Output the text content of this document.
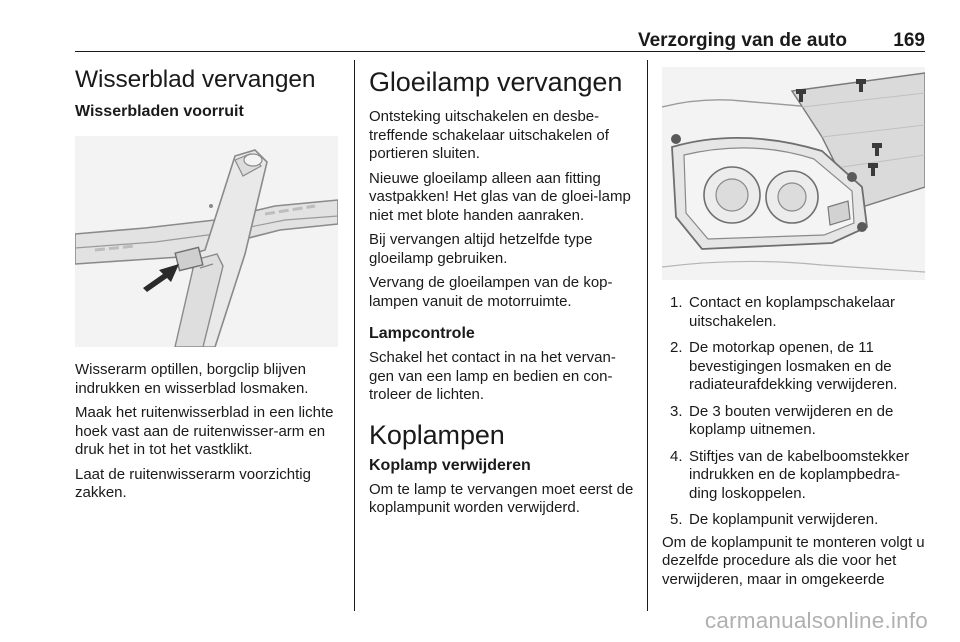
Verzorging van de auto 169
Wisserblad vervangen
Wisserbladen voorruit

Wisserarm optillen, borgclip blijven indrukken en wisserblad losmaken.

Maak het ruitenwisserblad in een lichte hoek vast aan de ruitenwisser-arm en druk het in tot het vastklikt.

Laat de ruitenwisserarm voorzichtig zakken.

Gloeilamp vervangen

Ontsteking uitschakelen en desbe-treffende schakelaar uitschakelen of portieren sluiten.

Nieuwe gloeilamp alleen aan fitting vastpakken! Het glas van de gloei-lamp niet met blote handen aanraken.

Bij vervangen altijd hetzelfde type gloeilamp gebruiken.

Vervang de gloeilampen van de kop-lampen vanuit de motorruimte.

Lampcontrole

Schakel het contact in na het vervan-gen van een lamp en bedien en con-troleer de lichten.

Koplampen
Koplamp verwijderen

Om te lamp te vervangen moet eerst de koplampunit worden verwijderd.

1. Contact en koplampschakelaar uitschakelen.
2. De motorkap openen, de 11 bevestigingen losmaken en de radiateurafdekking verwijderen.
3. De 3 bouten verwijderen en de koplamp uitnemen.
4. Stiftjes van de kabelboomstekker indrukken en de koplampbedra-ding loskoppelen.
5. De koplampunit verwijderen.

Om de koplampunit te monteren volgt u dezelfde procedure als die voor het verwijderen, maar in omgekeerde

carmanualsonline.info
